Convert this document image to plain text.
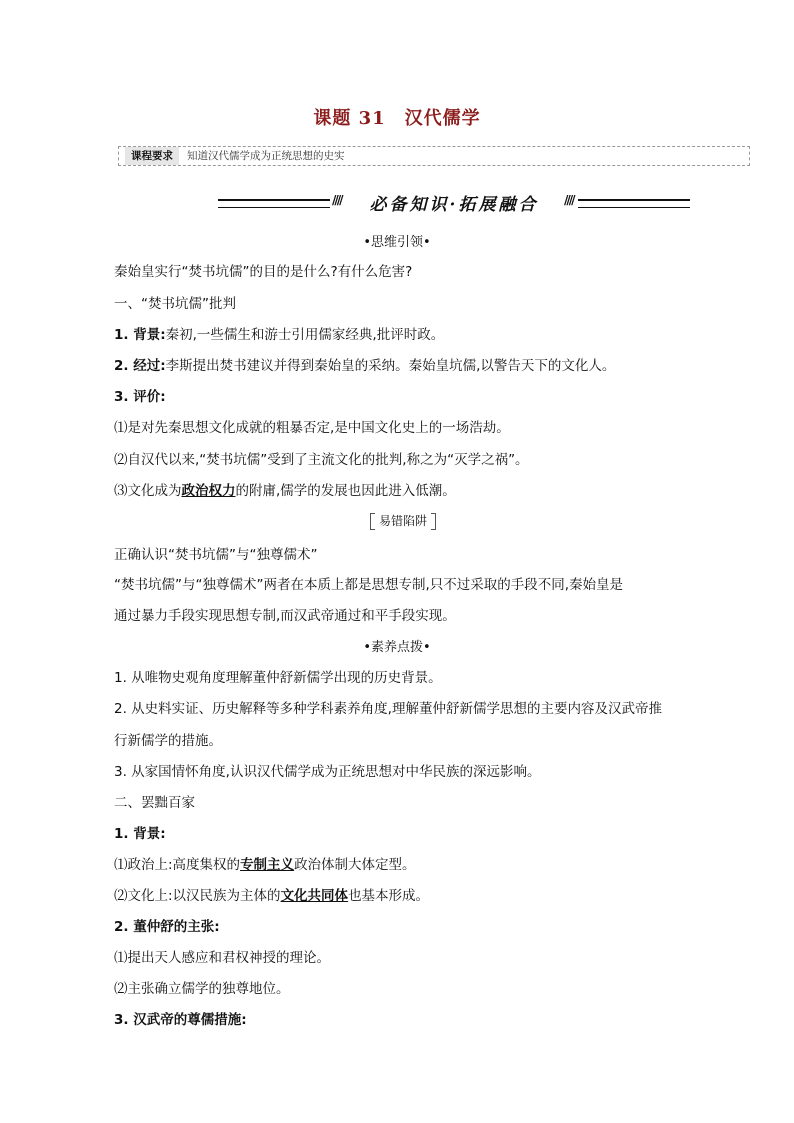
课题 31　汉代儒学
课程要求 知道汉代儒学成为正统思想的史实
////	必备知识·拓展融合	////
•思维引领•
秦始皇实行“焚书坑儒”的目的是什么?有什么危害?
一、“焚书坑儒”批判
1. 背景:秦初,一些儒生和游士引用儒家经典,批评时政。
2. 经过:李斯提出焚书建议并得到秦始皇的采纳。秦始皇坑儒,以警告天下的文化人。
3. 评价:
⑴是对先秦思想文化成就的粗暴否定,是中国文化史上的一场浩劫。
⑵自汉代以来,“焚书坑儒”受到了主流文化的批判,称之为“灭学之祸”。
⑶文化成为政治权力的附庸,儒学的发展也因此进入低潮。
易错陷阱
正确认识“焚书坑儒”与“独尊儒术”
“焚书坑儒”与“独尊儒术”两者在本质上都是思想专制,只不过采取的手段不同,秦始皇是
通过暴力手段实现思想专制,而汉武帝通过和平手段实现。
•素养点拨•
1. 从唯物史观角度理解董仲舒新儒学出现的历史背景。
2. 从史料实证、历史解释等多种学科素养角度,理解董仲舒新儒学思想的主要内容及汉武帝推
行新儒学的措施。
3. 从家国情怀角度,认识汉代儒学成为正统思想对中华民族的深远影响。
二、罢黜百家
1. 背景:
⑴政治上:高度集权的专制主义政治体制大体定型。
⑵文化上:以汉民族为主体的文化共同体也基本形成。
2. 董仲舒的主张:
⑴提出天人感应和君权神授的理论。
⑵主张确立儒学的独尊地位。
3. 汉武帝的尊儒措施:
